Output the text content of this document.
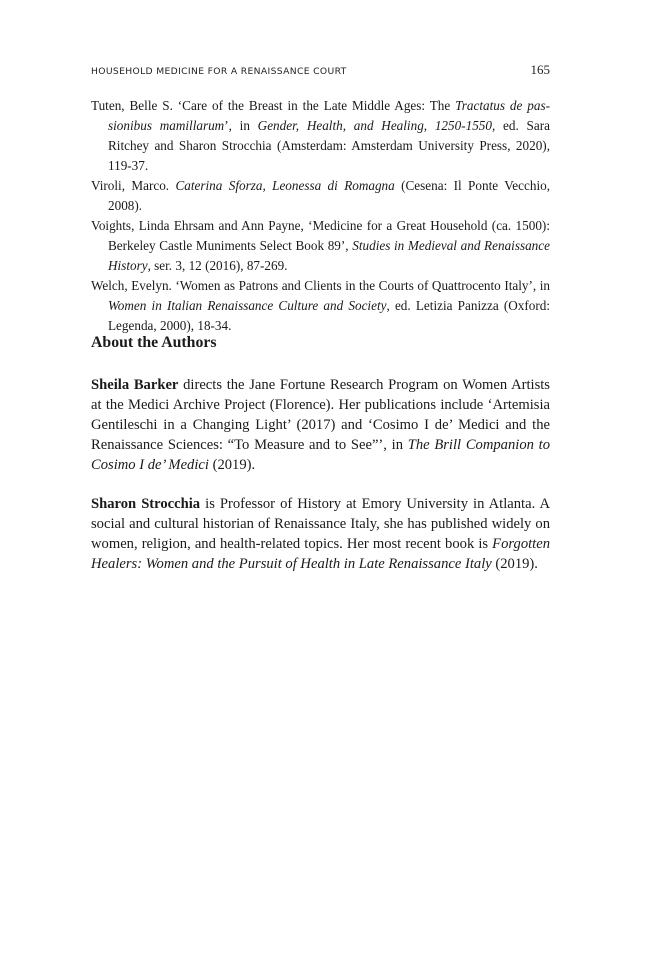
HOUSEHOLD MEDICINE FOR A RENAISSANCE COURT	165
Tuten, Belle S. ‘Care of the Breast in the Late Middle Ages: The Tractatus de passionibus mamillarum’, in Gender, Health, and Healing, 1250-1550, ed. Sara Ritchey and Sharon Strocchia (Amsterdam: Amsterdam University Press, 2020), 119-37.
Viroli, Marco. Caterina Sforza, Leonessa di Romagna (Cesena: Il Ponte Vecchio, 2008).
Voights, Linda Ehrsam and Ann Payne, ‘Medicine for a Great Household (ca. 1500): Berkeley Castle Muniments Select Book 89’, Studies in Medieval and Renaissance History, ser. 3, 12 (2016), 87-269.
Welch, Evelyn. ‘Women as Patrons and Clients in the Courts of Quattrocento Italy’, in Women in Italian Renaissance Culture and Society, ed. Letizia Panizza (Oxford: Legenda, 2000), 18-34.
About the Authors

Sheila Barker directs the Jane Fortune Research Program on Women Artists at the Medici Archive Project (Florence). Her publications include ‘Artemisia Gentileschi in a Changing Light’ (2017) and ‘Cosimo I de’ Medici and the Renaissance Sciences: “To Measure and to See”’, in The Brill Companion to Cosimo I de’ Medici (2019).

Sharon Strocchia is Professor of History at Emory University in Atlanta. A social and cultural historian of Renaissance Italy, she has published widely on women, religion, and health-related topics. Her most recent book is Forgotten Healers: Women and the Pursuit of Health in Late Renaissance Italy (2019).
